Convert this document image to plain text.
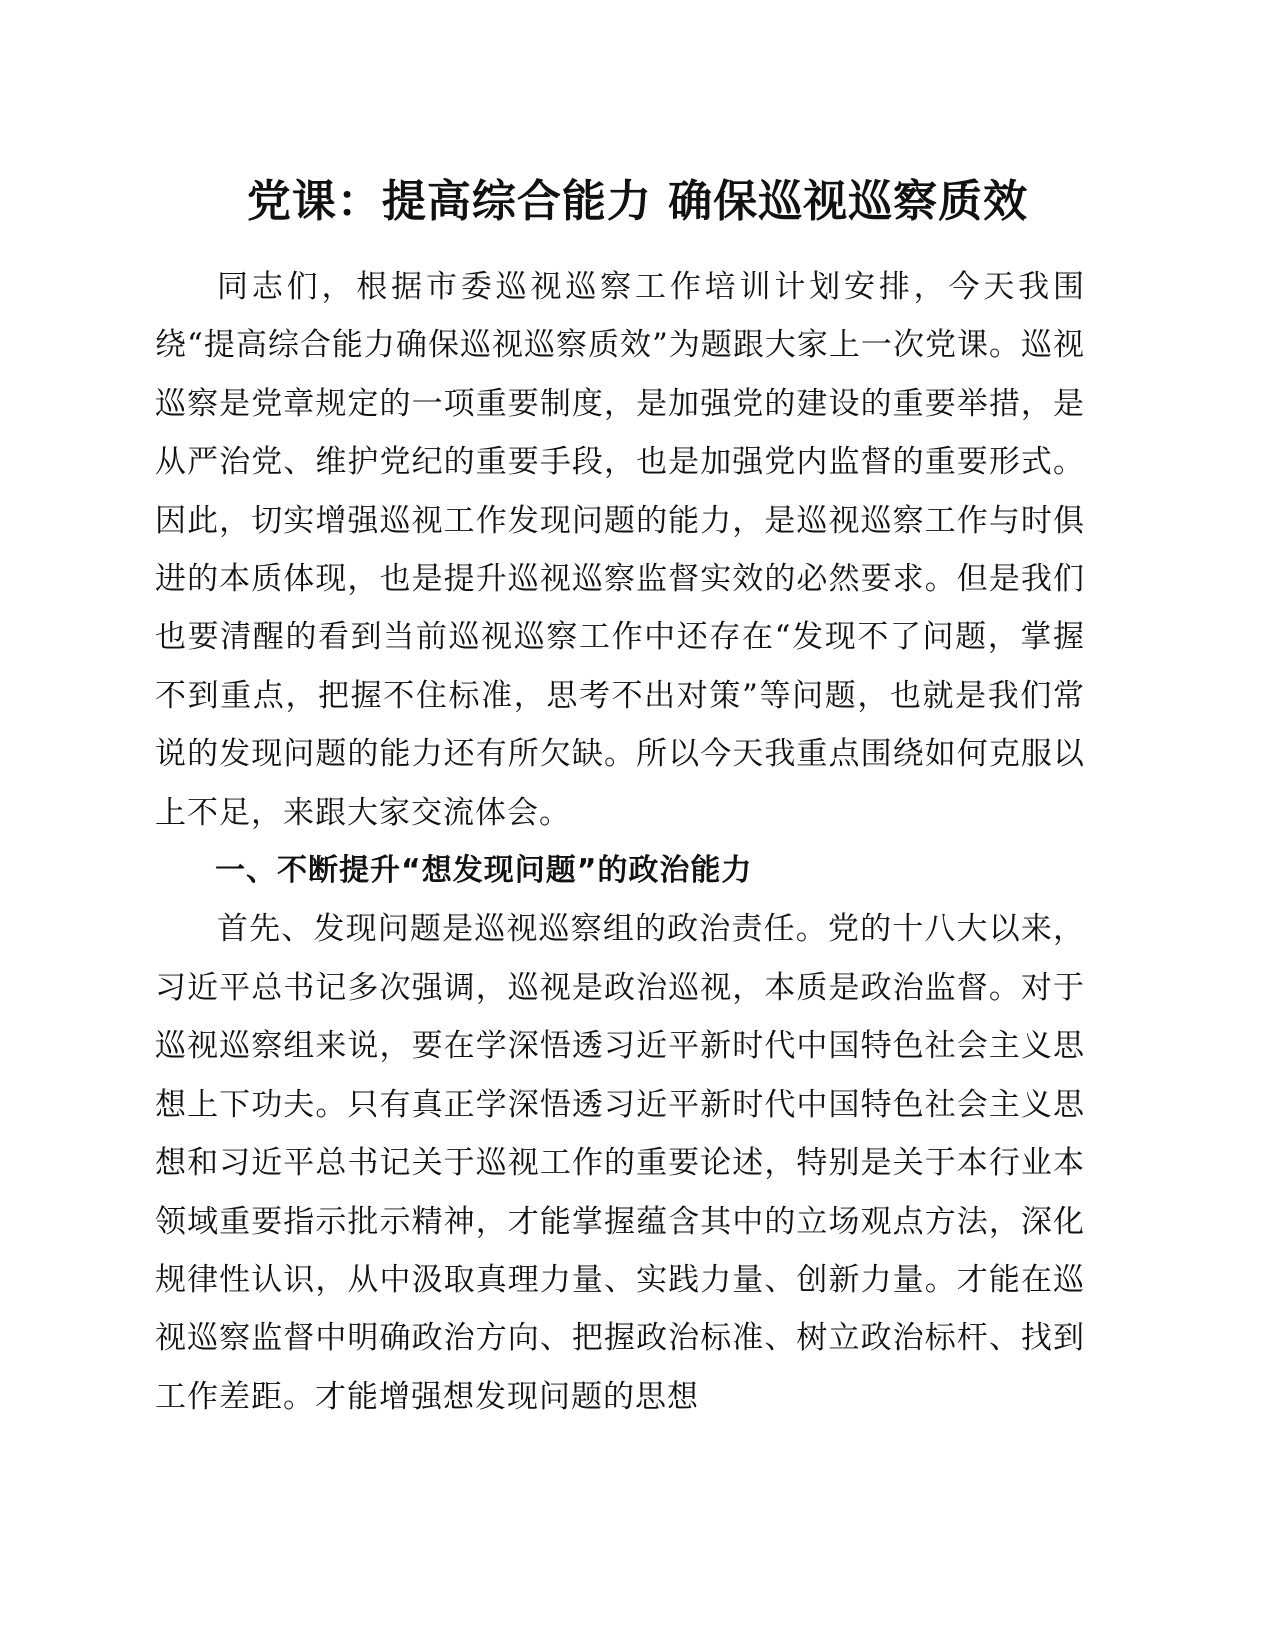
党课：提高综合能力 确保巡视巡察质效

同志们，根据市委巡视巡察工作培训计划安排，今天我围绕“提高综合能力确保巡视巡察质效”为题跟大家上一次党课。巡视巡察是党章规定的一项重要制度，是加强党的建设的重要举措，是从严治党、维护党纪的重要手段，也是加强党内监督的重要形式。因此，切实增强巡视工作发现问题的能力，是巡视巡察工作与时俱进的本质体现，也是提升巡视巡察监督实效的必然要求。但是我们也要清醒的看到当前巡视巡察工作中还存在“发现不了问题，掌握不到重点，把握不住标准，思考不出对策”等问题，也就是我们常说的发现问题的能力还有所欠缺。所以今天我重点围绕如何克服以上不足，来跟大家交流体会。

一、不断提升“想发现问题”的政治能力

首先、发现问题是巡视巡察组的政治责任。党的十八大以来，习近平总书记多次强调，巡视是政治巡视，本质是政治监督。对于巡视巡察组来说，要在学深悟透习近平新时代中国特色社会主义思想上下功夫。只有真正学深悟透习近平新时代中国特色社会主义思想和习近平总书记关于巡视工作的重要论述，特别是关于本行业本领域重要指示批示精神，才能掌握蕴含其中的立场观点方法，深化规律性认识，从中汲取真理力量、实践力量、创新力量。才能在巡视巡察监督中明确政治方向、把握政治标准、树立政治标杆、找到工作差距。才能增强想发现问题的思想
